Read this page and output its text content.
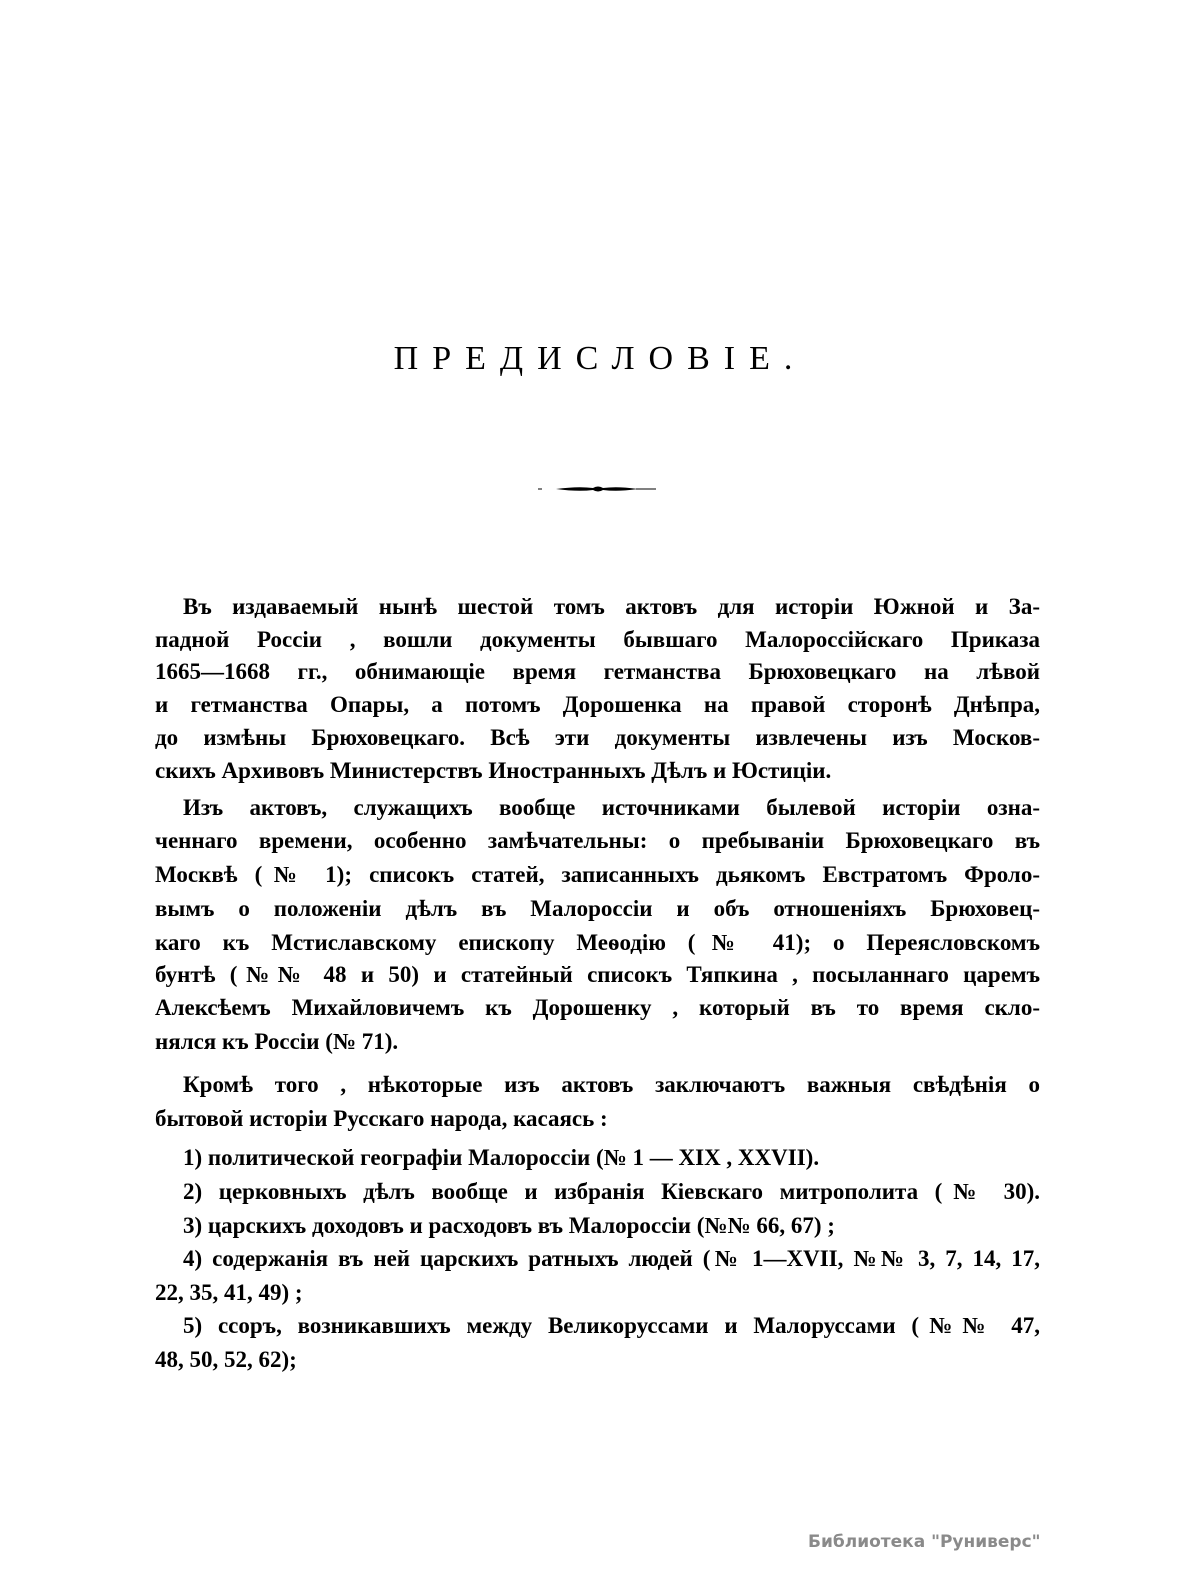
ПРЕДИСЛОВІЕ.
Въ издаваемый нынѣ шестой томъ актовъ для исторіи Южной и За-
падной Россіи , вошли документы бывшаго Малороссійскаго Приказа
1665—1668 гг., обнимающіе время гетманства Брюховецкаго на лѣвой
и гетманства Опары, а потомъ Дорошенка на правой сторонѣ Днѣпра,
до измѣны Брюховецкаго. Всѣ эти документы извлечены изъ Москов-
скихъ Архивовъ Министерствъ Иностранныхъ Дѣлъ и Юстиціи.
Изъ актовъ, служащихъ вообще источниками былевой исторіи озна-
ченнаго времени, особенно замѣчательны: о пребываніи Брюховецкаго въ
Москвѣ (№ 1); списокъ статей, записанныхъ дьякомъ Евстратомъ Фроло-
вымъ о положеніи дѣлъ въ Малороссіи и объ отношеніяхъ Брюховец-
каго къ Мстиславскому епископу Меѳодію (№ 41); о Переясловскомъ
бунтѣ (№№ 48 и 50) и статейный списокъ Тяпкина , посыланнаго царемъ
Алексѣемъ Михайловичемъ къ Дорошенку , который въ то время скло-
нялся къ Россіи (№ 71).
Кромѣ того , нѣкоторые изъ актовъ заключаютъ важныя свѣдѣнія о
бытовой исторіи Русскаго народа, касаясь :
1) политической географіи Малороссіи (№ 1 — XIX , XXVII).
2) церковныхъ дѣлъ вообще и избранія Кіевскаго митрополита (№ 30).
3) царскихъ доходовъ и расходовъ въ Малороссіи (№№ 66, 67) ;
4) содержанія въ ней царскихъ ратныхъ людей (№ 1—XVII, №№ 3, 7, 14, 17,
22, 35, 41, 49) ;
5) ссоръ, возникавшихъ между Великоруссами и Малоруссами (№№ 47,
48, 50, 52, 62);
Библиотека "Руниверс"
